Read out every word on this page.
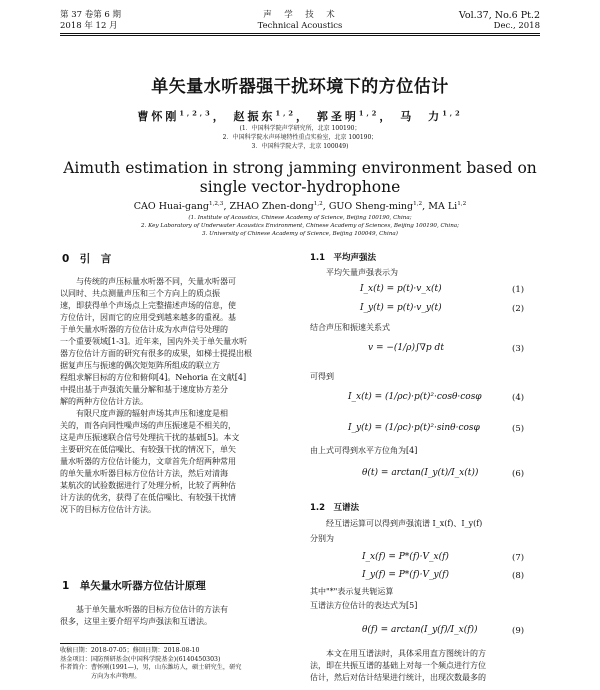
第 37 卷第 6 期
2018 年 12 月
声　学　技　术
Technical Acoustics
Vol.37, No.6 Pt.2
Dec., 2018
单矢量水听器强干扰环境下的方位估计
曹怀刚$^{1,2,3}$， 赵振东$^{1,2}$， 郭圣明$^{1,2}$， 马　力$^{1,2}$
(1．中国科学院声学研究所，北京 100190；
2．中国科学院水声环境特性重点实验室，北京 100190；
3．中国科学院大学，北京 100049)
Aimuth estimation in strong jamming environment based on
single vector-hydrophone
CAO Huai-gang$^{1,2,3}$, ZHAO Zhen-dong$^{1,2}$, GUO Sheng-ming$^{1,2}$, MA Li$^{1,2}$
(1. Institute of Acoustics, Chinese Academy of Science, Beijing 100190, China;
2. Key Laboratory of Underwater Acoustics Environment, Chinese Academy of Sciences, Beijing 100190, China;
3. University of Chinese Academy of Science, Beijing 100049, China)
0　引　言
与传统的声压标量水听器不同，矢量水听器可
以同时、共点测量声压和三个方向上的质点振
速，即获得单个声场点上完整描述声场的信息，使
方位估计，因而它的应用受到越来越多的重视。基
于单矢量水听器的方位估计成为水声信号处理的
一个重要领域[1-3]。近年来，国内外关于单矢量水听
器方位估计方面的研究有很多的成果，如梯士提提出根
据复声压与振速的偶次矩矩阵所组成的联立方
程组求解目标的方位和俯仰[4]。Nehoria 在文献[4]
中提出基于声强流矢量分解和基于速度协方差分
解的两种方位估计方法。
有限尺度声源的辐射声场其声压和速度是相
关的，而各向同性噪声场的声压振速是不相关的，
这是声压振速联合信号处理抗干扰的基础[5]。本文
主要研究在低信噪比、有较强干扰的情况下，单矢
量水听器的方位估计能力，文章首先介绍两种常用
的单矢量水听器目标方位估计方法，然后对清海
某航次的试验数据进行了处理分析，比较了两种估
计方法的优劣，获得了在低信噪比、有较强干扰情
况下的目标方位估计方法。
1　单矢量水听器方位估计原理
基于单矢量水听器的目标方位估计的方法有
很多，这里主要介绍平均声强法和互谱法。
收稿日期：2018-07-05；修回日期：2018-08-10
基金项目：国防预研基金(中国科学院基金)(6140450303)
作者简介：曹怀刚(1991—)，男，山东潍坊人，硕士研究生，研究
　　　　　方向为水声物理。
1.1　平均声强法
平均矢量声强表示为
I_x(t) = p(t)·v_x(t)	(1)
I_y(t) = p(t)·v_y(t)	(2)
结合声压和振速关系式
v = −(1/ρ)∫∇p dt	(3)
可得到
I_x(t) = (1/ρc)·p(t)²·cosθ·cosφ	(4)
I_y(t) = (1/ρc)·p(t)²·sinθ·cosφ	(5)
由上式可得到水平方位角为[4]
θ(t) = arctan(I_y(t)/I_x(t))	(6)
1.2　互谱法
经互谱运算可以得到声强流谱 I_x(f)、I_y(f)
分别为
I_x(f) = P*(f)·V_x(f)	(7)
I_y(f) = P*(f)·V_y(f)	(8)
其中"*"表示复共轭运算
互谱法方位估计的表达式为[5]
θ(f) = arctan(I_y(f)/I_x(f))	(9)
本文在用互谱法时，具体采用直方图统计的方
法，即在共振互谱的基础上对每一个频点进行方位
估计，然后对估计结果进行统计，出现次数最多的
